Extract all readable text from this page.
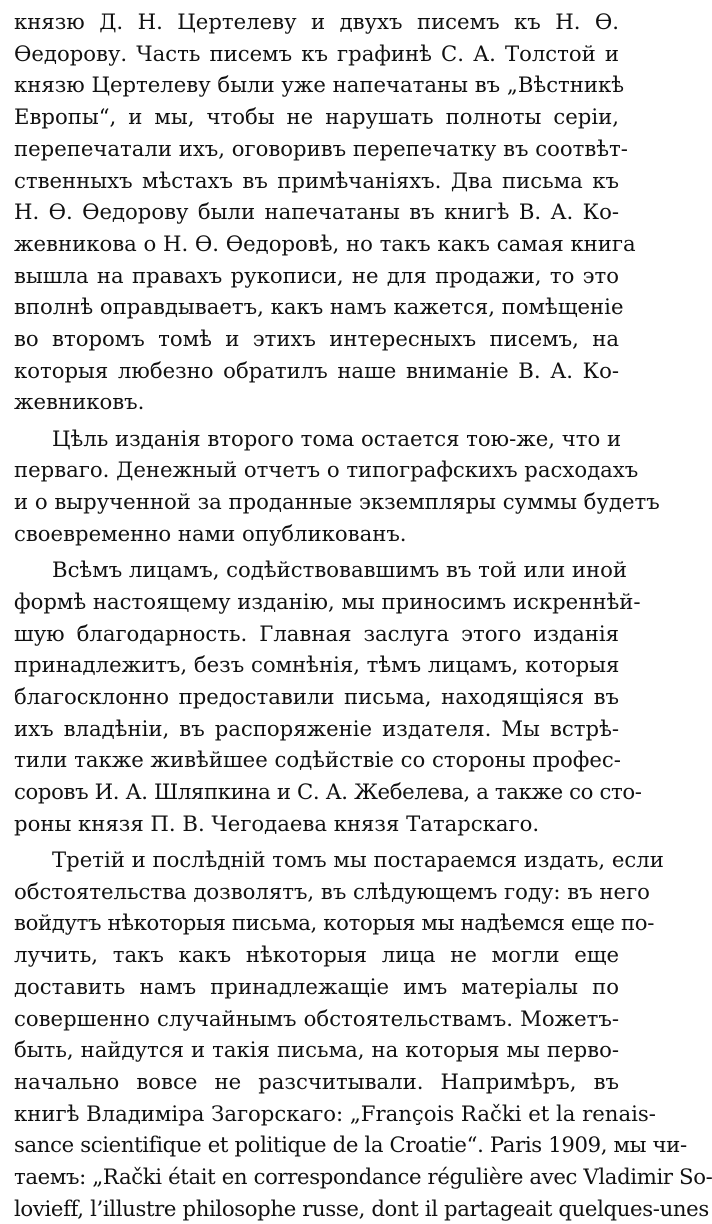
князю Д. Н. Цертелеву и двухъ писемъ къ Н. Ѳ.
Ѳедорову. Часть писемъ къ графинѣ С. А. Толстой и
князю Цертелеву были уже напечатаны въ „Вѣстникѣ
Европы“, и мы, чтобы не нарушать полноты серіи,
перепечатали ихъ, оговоривъ перепечатку въ соотвѣт-
ственныхъ мѣстахъ въ примѣчаніяхъ. Два письма къ
Н. Ѳ. Ѳедорову были напечатаны въ книгѣ В. А. Ко-
жевникова о Н. Ѳ. Ѳедоровѣ, но такъ какъ самая книга
вышла на правахъ рукописи, не для продажи, то это
вполнѣ оправдываетъ, какъ намъ кажется, помѣщеніе
во второмъ томѣ и этихъ интересныхъ писемъ, на
которыя любезно обратилъ наше вниманіе В. А. Ко-
жевниковъ.
Цѣль изданія второго тома остается тою-же, что и
перваго. Денежный отчетъ о типографскихъ расходахъ
и о вырученной за проданные экземпляры суммы будетъ
своевременно нами опубликованъ.
Всѣмъ лицамъ, содѣйствовавшимъ въ той или иной
формѣ настоящему изданію, мы приносимъ искреннѣй-
шую благодарность. Главная заслуга этого изданія
принадлежитъ, безъ сомнѣнія, тѣмъ лицамъ, которыя
благосклонно предоставили письма, находящіяся въ
ихъ владѣніи, въ распоряженіе издателя. Мы встрѣ-
тили также живѣйшее содѣйствіе со стороны профес-
соровъ И. А. Шляпкина и С. А. Жебелева, а также со сто-
роны князя П. В. Чегодаева князя Татарскаго.
Третій и послѣдній томъ мы постараемся издать, если
обстоятельства дозволятъ, въ слѣдующемъ году: въ него
войдутъ нѣкоторыя письма, которыя мы надѣемся еще по-
лучить, такъ какъ нѣкоторыя лица не могли еще
доставить намъ принадлежащіе имъ матеріалы по
совершенно случайнымъ обстоятельствамъ. Можетъ-
быть, найдутся и такія письма, на которыя мы перво-
начально вовсе не разсчитывали. Напримѣръ, въ
книгѣ Владиміра Загорскаго: „François Rački et la renais-
sance scientifique et politique de la Croatie“. Paris 1909, мы чи-
таемъ: „Rački était en correspondance régulière avec Vladimir So-
lovieff, l’illustre philosophe russe, dont il partageait quelques-unes
